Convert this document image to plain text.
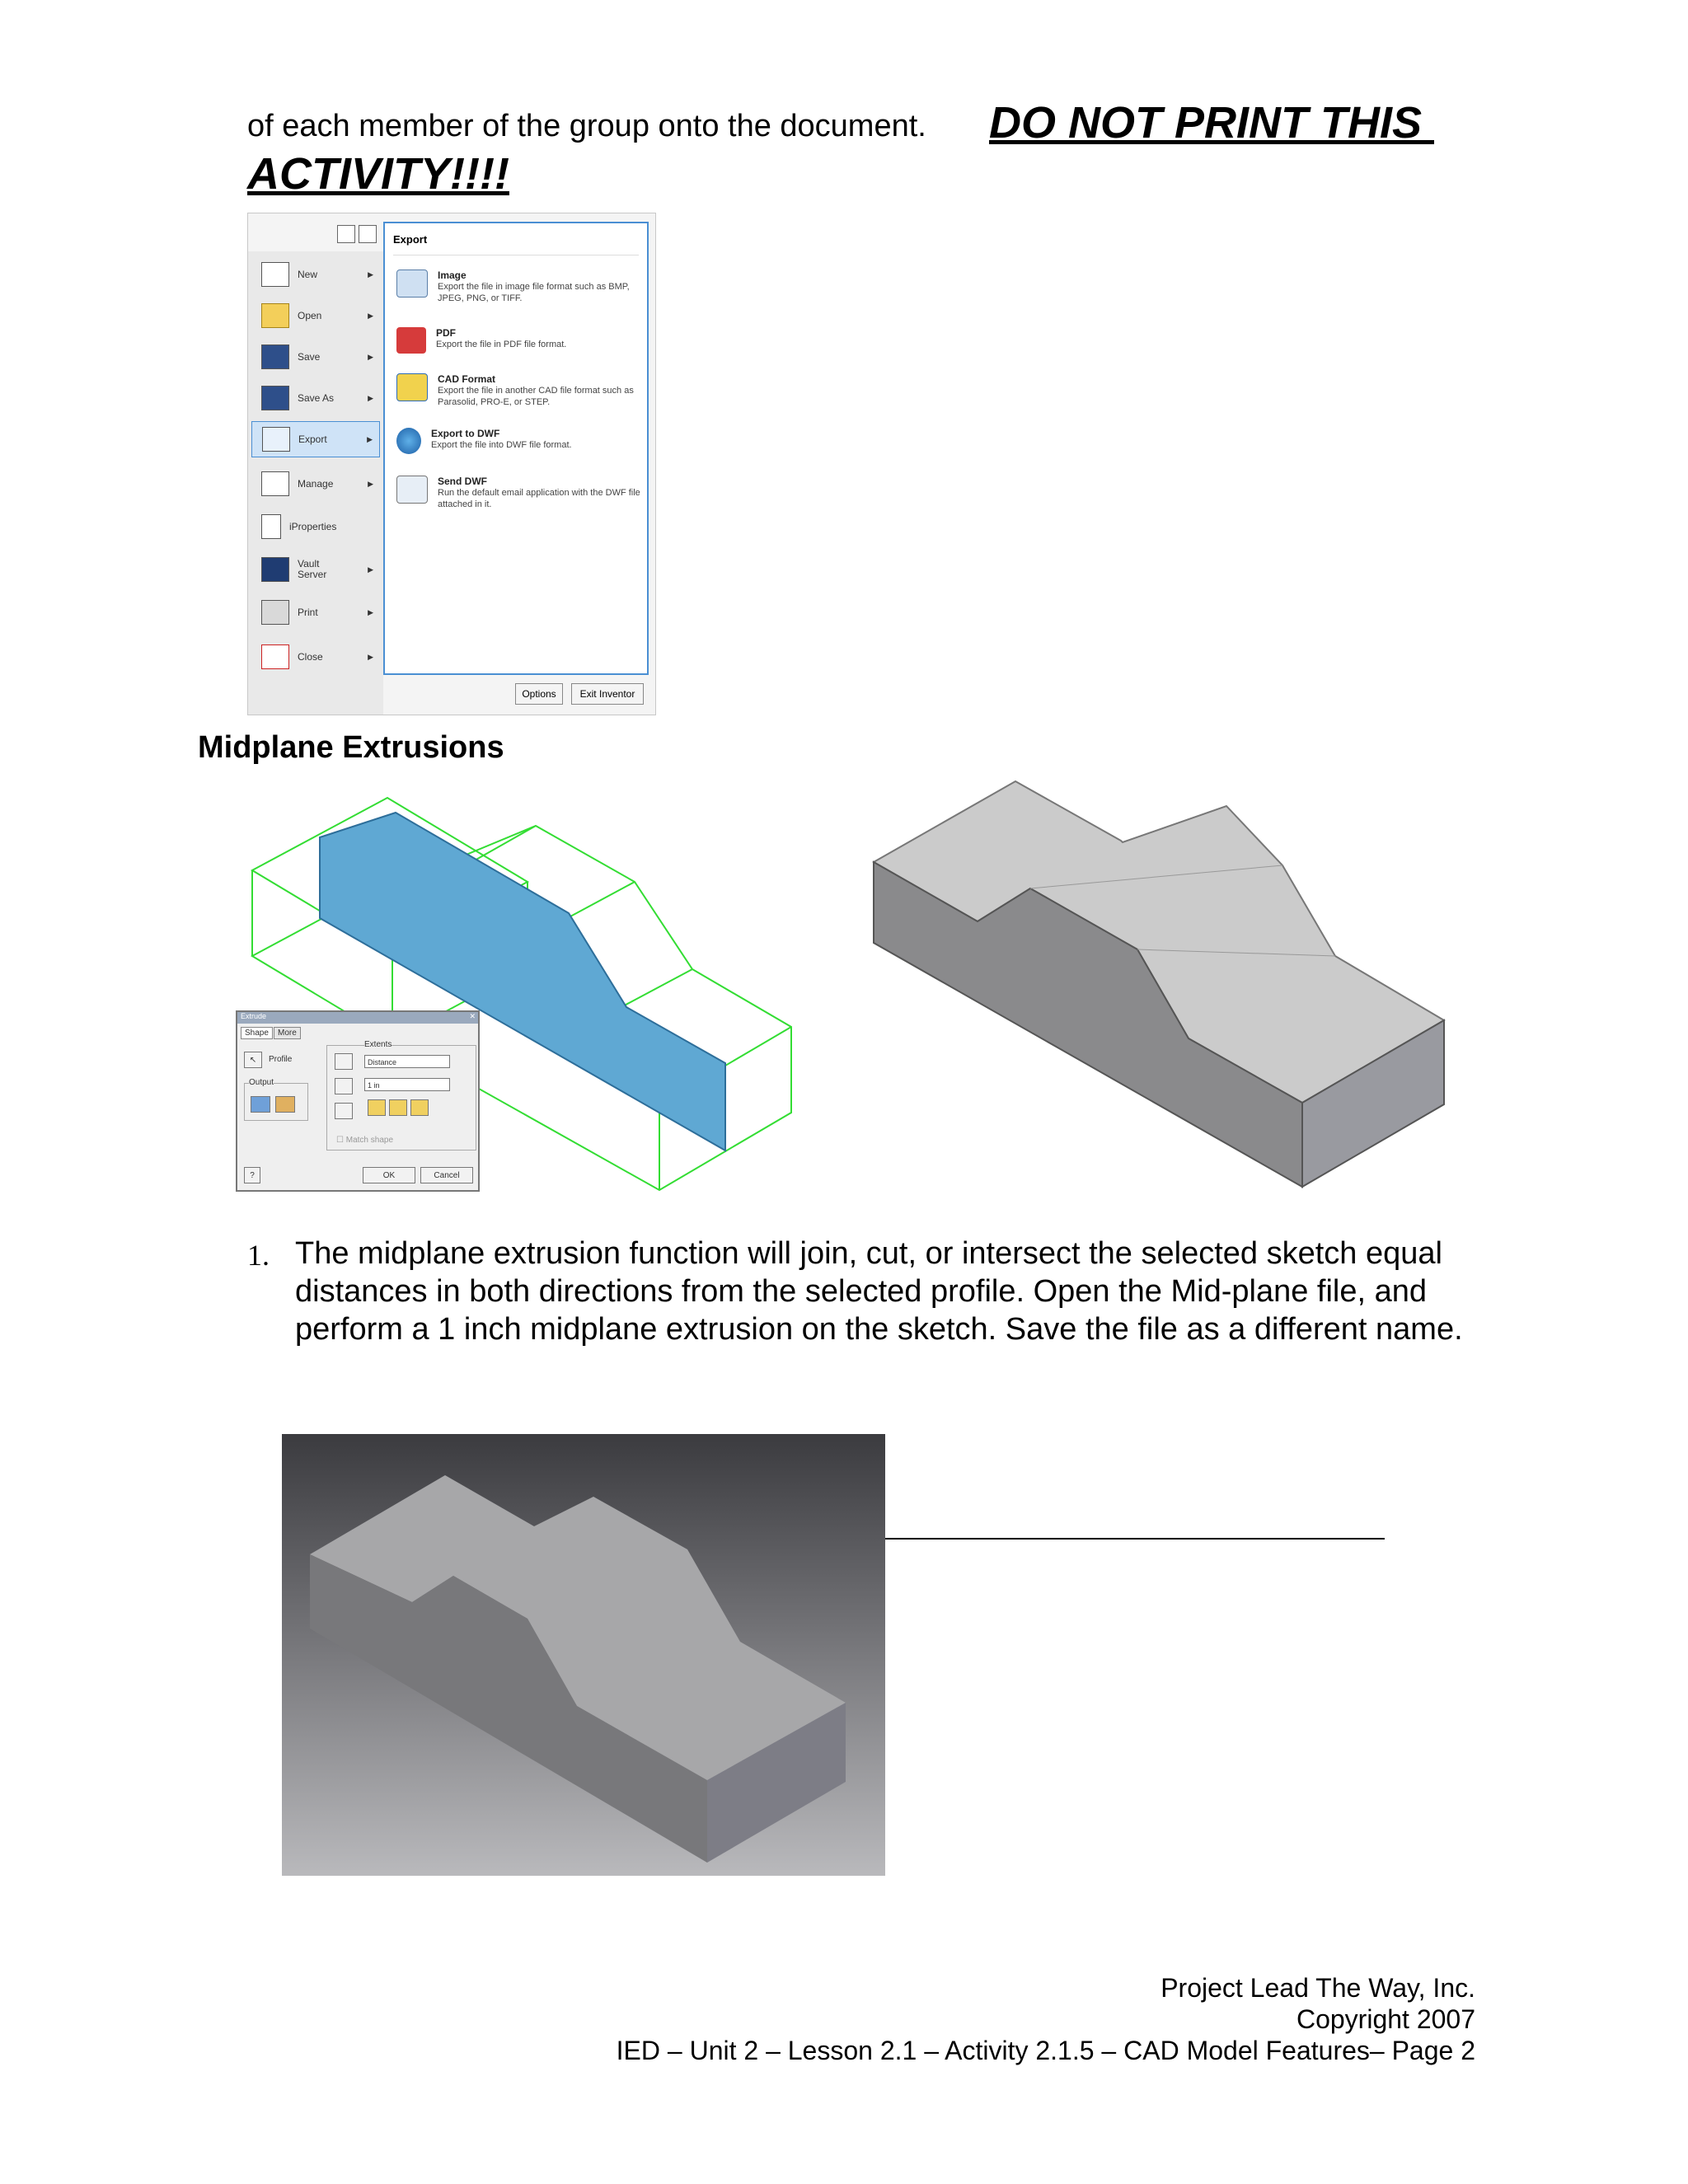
of each member of the group onto the document. DO NOT PRINT THIS
ACTIVITY!!!!
New	▶
Open	▶
Save	▶
Save As	▶
Export	▶
Manage	▶
iProperties
Vault Server	▶
Print	▶
Close	▶
Export
Image
Export the file in image file format such as BMP, JPEG, PNG, or TIFF.
PDF
Export the file in PDF file format.
CAD Format
Export the file in another CAD file format such as Parasolid, PRO-E, or STEP.
Export to DWF
Export the file into DWF file format.
Send DWF
Run the default email application with the DWF file attached in it.
Options	Exit Inventor
Midplane Extrusions
Extrude	✕
Shape	More
↖ Profile
Output
Extents
Distance
1 in
☐ Match shape
?	OK	Cancel
1. The midplane extrusion function will join, cut, or intersect the selected sketch equal distances in both directions from the selected profile. Open the Mid-plane file, and perform a 1 inch midplane extrusion on the sketch. Save the file as a different name.
Project Lead The Way, Inc.
Copyright 2007
IED – Unit 2 – Lesson 2.1 – Activity 2.1.5 – CAD Model Features– Page 2
